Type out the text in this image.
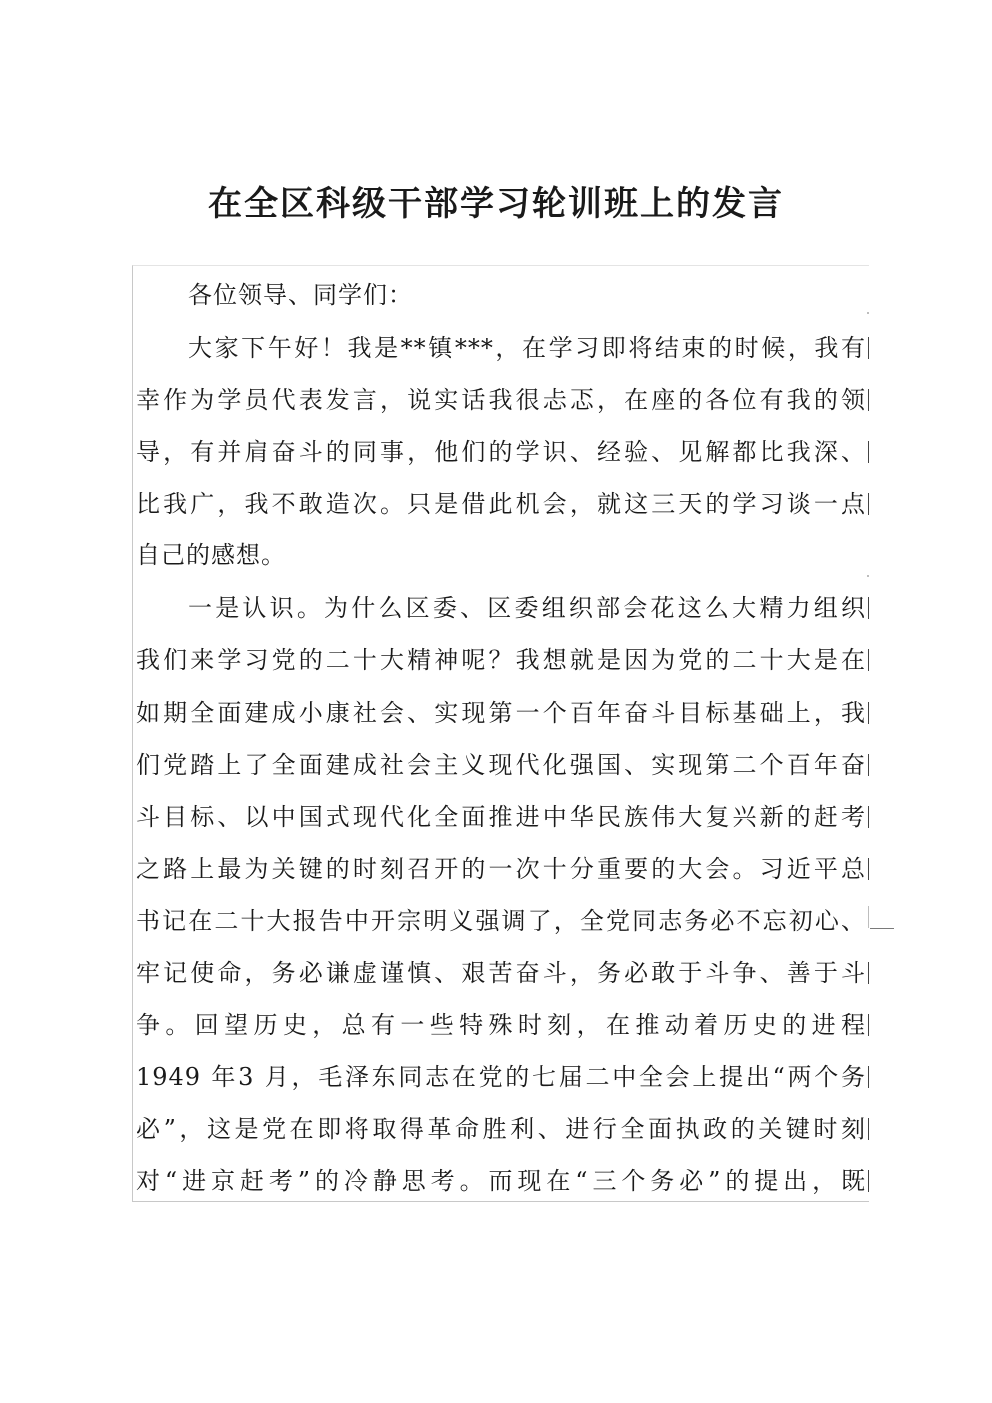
在全区科级干部学习轮训班上的发言
各位领导、同学们：
大家下午好！我是**镇***，在学习即将结束的时候，我有
幸作为学员代表发言，说实话我很忐忑，在座的各位有我的领
导，有并肩奋斗的同事，他们的学识、经验、见解都比我深、
比我广，我不敢造次。只是借此机会，就这三天的学习谈一点
自己的感想。
一是认识。为什么区委、区委组织部会花这么大精力组织
我们来学习党的二十大精神呢？我想就是因为党的二十大是在
如期全面建成小康社会、实现第一个百年奋斗目标基础上，我
们党踏上了全面建成社会主义现代化强国、实现第二个百年奋
斗目标、以中国式现代化全面推进中华民族伟大复兴新的赶考
之路上最为关键的时刻召开的一次十分重要的大会。习近平总
书记在二十大报告中开宗明义强调了，全党同志务必不忘初心、
牢记使命，务必谦虚谨慎、艰苦奋斗，务必敢于斗争、善于斗
争。回望历史，总有一些特殊时刻，在推动着历史的进程
1949 年3 月，毛泽东同志在党的七届二中全会上提出“两个务
必”，这是党在即将取得革命胜利、进行全面执政的关键时刻
对“进京赶考”的冷静思考。而现在“三个务必”的提出，既
